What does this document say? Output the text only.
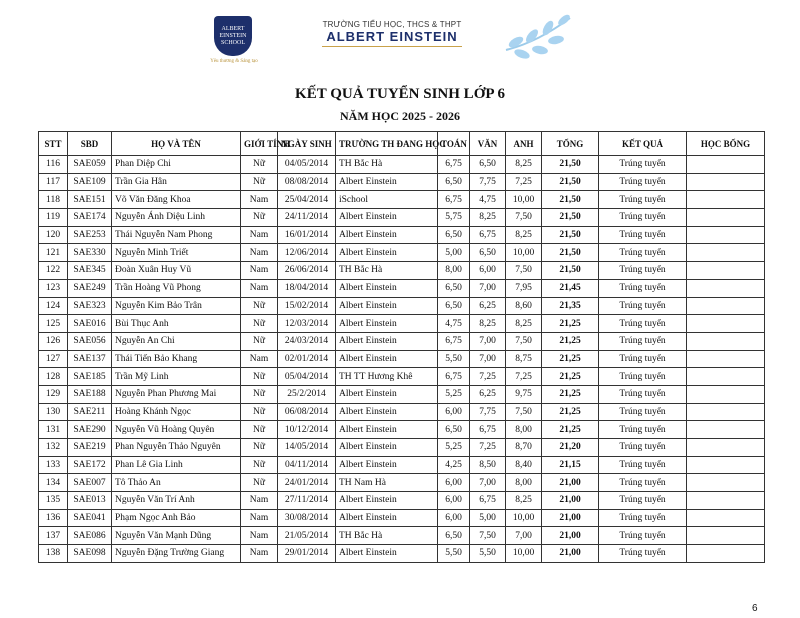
ALBERT
EINSTEIN
SCHOOL
Yêu thương & Sáng tạo
TRƯỜNG TIỂU HỌC, THCS & THPT
ALBERT EINSTEIN
KẾT QUẢ TUYỂN SINH LỚP 6
NĂM HỌC 2025 - 2026
STT	SBD	HỌ VÀ TÊN	GIỚI TÍNH	NGÀY SINH	TRƯỜNG TH ĐANG HỌC	TOÁN	VĂN	ANH	TỔNG	KẾT QUẢ	HỌC BỔNG
116	SAE059	Phan Diệp Chi	Nữ	04/05/2014	TH Bắc Hà	6,75	6,50	8,25	21,50	Trúng tuyển	
117	SAE109	Trần Gia Hân	Nữ	08/08/2014	Albert Einstein	6,50	7,75	7,25	21,50	Trúng tuyển	
118	SAE151	Võ Văn Đăng Khoa	Nam	25/04/2014	iSchool	6,75	4,75	10,00	21,50	Trúng tuyển	
119	SAE174	Nguyễn Ánh Diệu Linh	Nữ	24/11/2014	Albert Einstein	5,75	8,25	7,50	21,50	Trúng tuyển	
120	SAE253	Thái Nguyễn Nam Phong	Nam	16/01/2014	Albert Einstein	6,50	6,75	8,25	21,50	Trúng tuyển	
121	SAE330	Nguyễn Minh Triết	Nam	12/06/2014	Albert Einstein	5,00	6,50	10,00	21,50	Trúng tuyển	
122	SAE345	Đoàn Xuân Huy Vũ	Nam	26/06/2014	TH Bắc Hà	8,00	6,00	7,50	21,50	Trúng tuyển	
123	SAE249	Trần Hoàng Vũ Phong	Nam	18/04/2014	Albert Einstein	6,50	7,00	7,95	21,45	Trúng tuyển	
124	SAE323	Nguyễn Kim Bảo Trân	Nữ	15/02/2014	Albert Einstein	6,50	6,25	8,60	21,35	Trúng tuyển	
125	SAE016	Bùi Thục Anh	Nữ	12/03/2014	Albert Einstein	4,75	8,25	8,25	21,25	Trúng tuyển	
126	SAE056	Nguyễn An Chi	Nữ	24/03/2014	Albert Einstein	6,75	7,00	7,50	21,25	Trúng tuyển	
127	SAE137	Thái Tiến Bảo Khang	Nam	02/01/2014	Albert Einstein	5,50	7,00	8,75	21,25	Trúng tuyển	
128	SAE185	Trần Mỹ Linh	Nữ	05/04/2014	TH TT Hương Khê	6,75	7,25	7,25	21,25	Trúng tuyển	
129	SAE188	Nguyễn Phan Phương Mai	Nữ	25/2/2014	Albert Einstein	5,25	6,25	9,75	21,25	Trúng tuyển	
130	SAE211	Hoàng Khánh Ngọc	Nữ	06/08/2014	Albert Einstein	6,00	7,75	7,50	21,25	Trúng tuyển	
131	SAE290	Nguyễn Vũ Hoàng Quyên	Nữ	10/12/2014	Albert Einstein	6,50	6,75	8,00	21,25	Trúng tuyển	
132	SAE219	Phan Nguyễn Thảo Nguyên	Nữ	14/05/2014	Albert Einstein	5,25	7,25	8,70	21,20	Trúng tuyển	
133	SAE172	Phan Lê Gia Linh	Nữ	04/11/2014	Albert Einstein	4,25	8,50	8,40	21,15	Trúng tuyển	
134	SAE007	Tô Thảo An	Nữ	24/01/2014	TH Nam Hà	6,00	7,00	8,00	21,00	Trúng tuyển	
135	SAE013	Nguyễn Văn Trí Anh	Nam	27/11/2014	Albert Einstein	6,00	6,75	8,25	21,00	Trúng tuyển	
136	SAE041	Phạm Ngọc Anh Bảo	Nam	30/08/2014	Albert Einstein	6,00	5,00	10,00	21,00	Trúng tuyển	
137	SAE086	Nguyễn Văn Mạnh Dũng	Nam	21/05/2014	TH Bắc Hà	6,50	7,50	7,00	21,00	Trúng tuyển	
138	SAE098	Nguyễn Đặng Trường Giang	Nam	29/01/2014	Albert Einstein	5,50	5,50	10,00	21,00	Trúng tuyển	
6
